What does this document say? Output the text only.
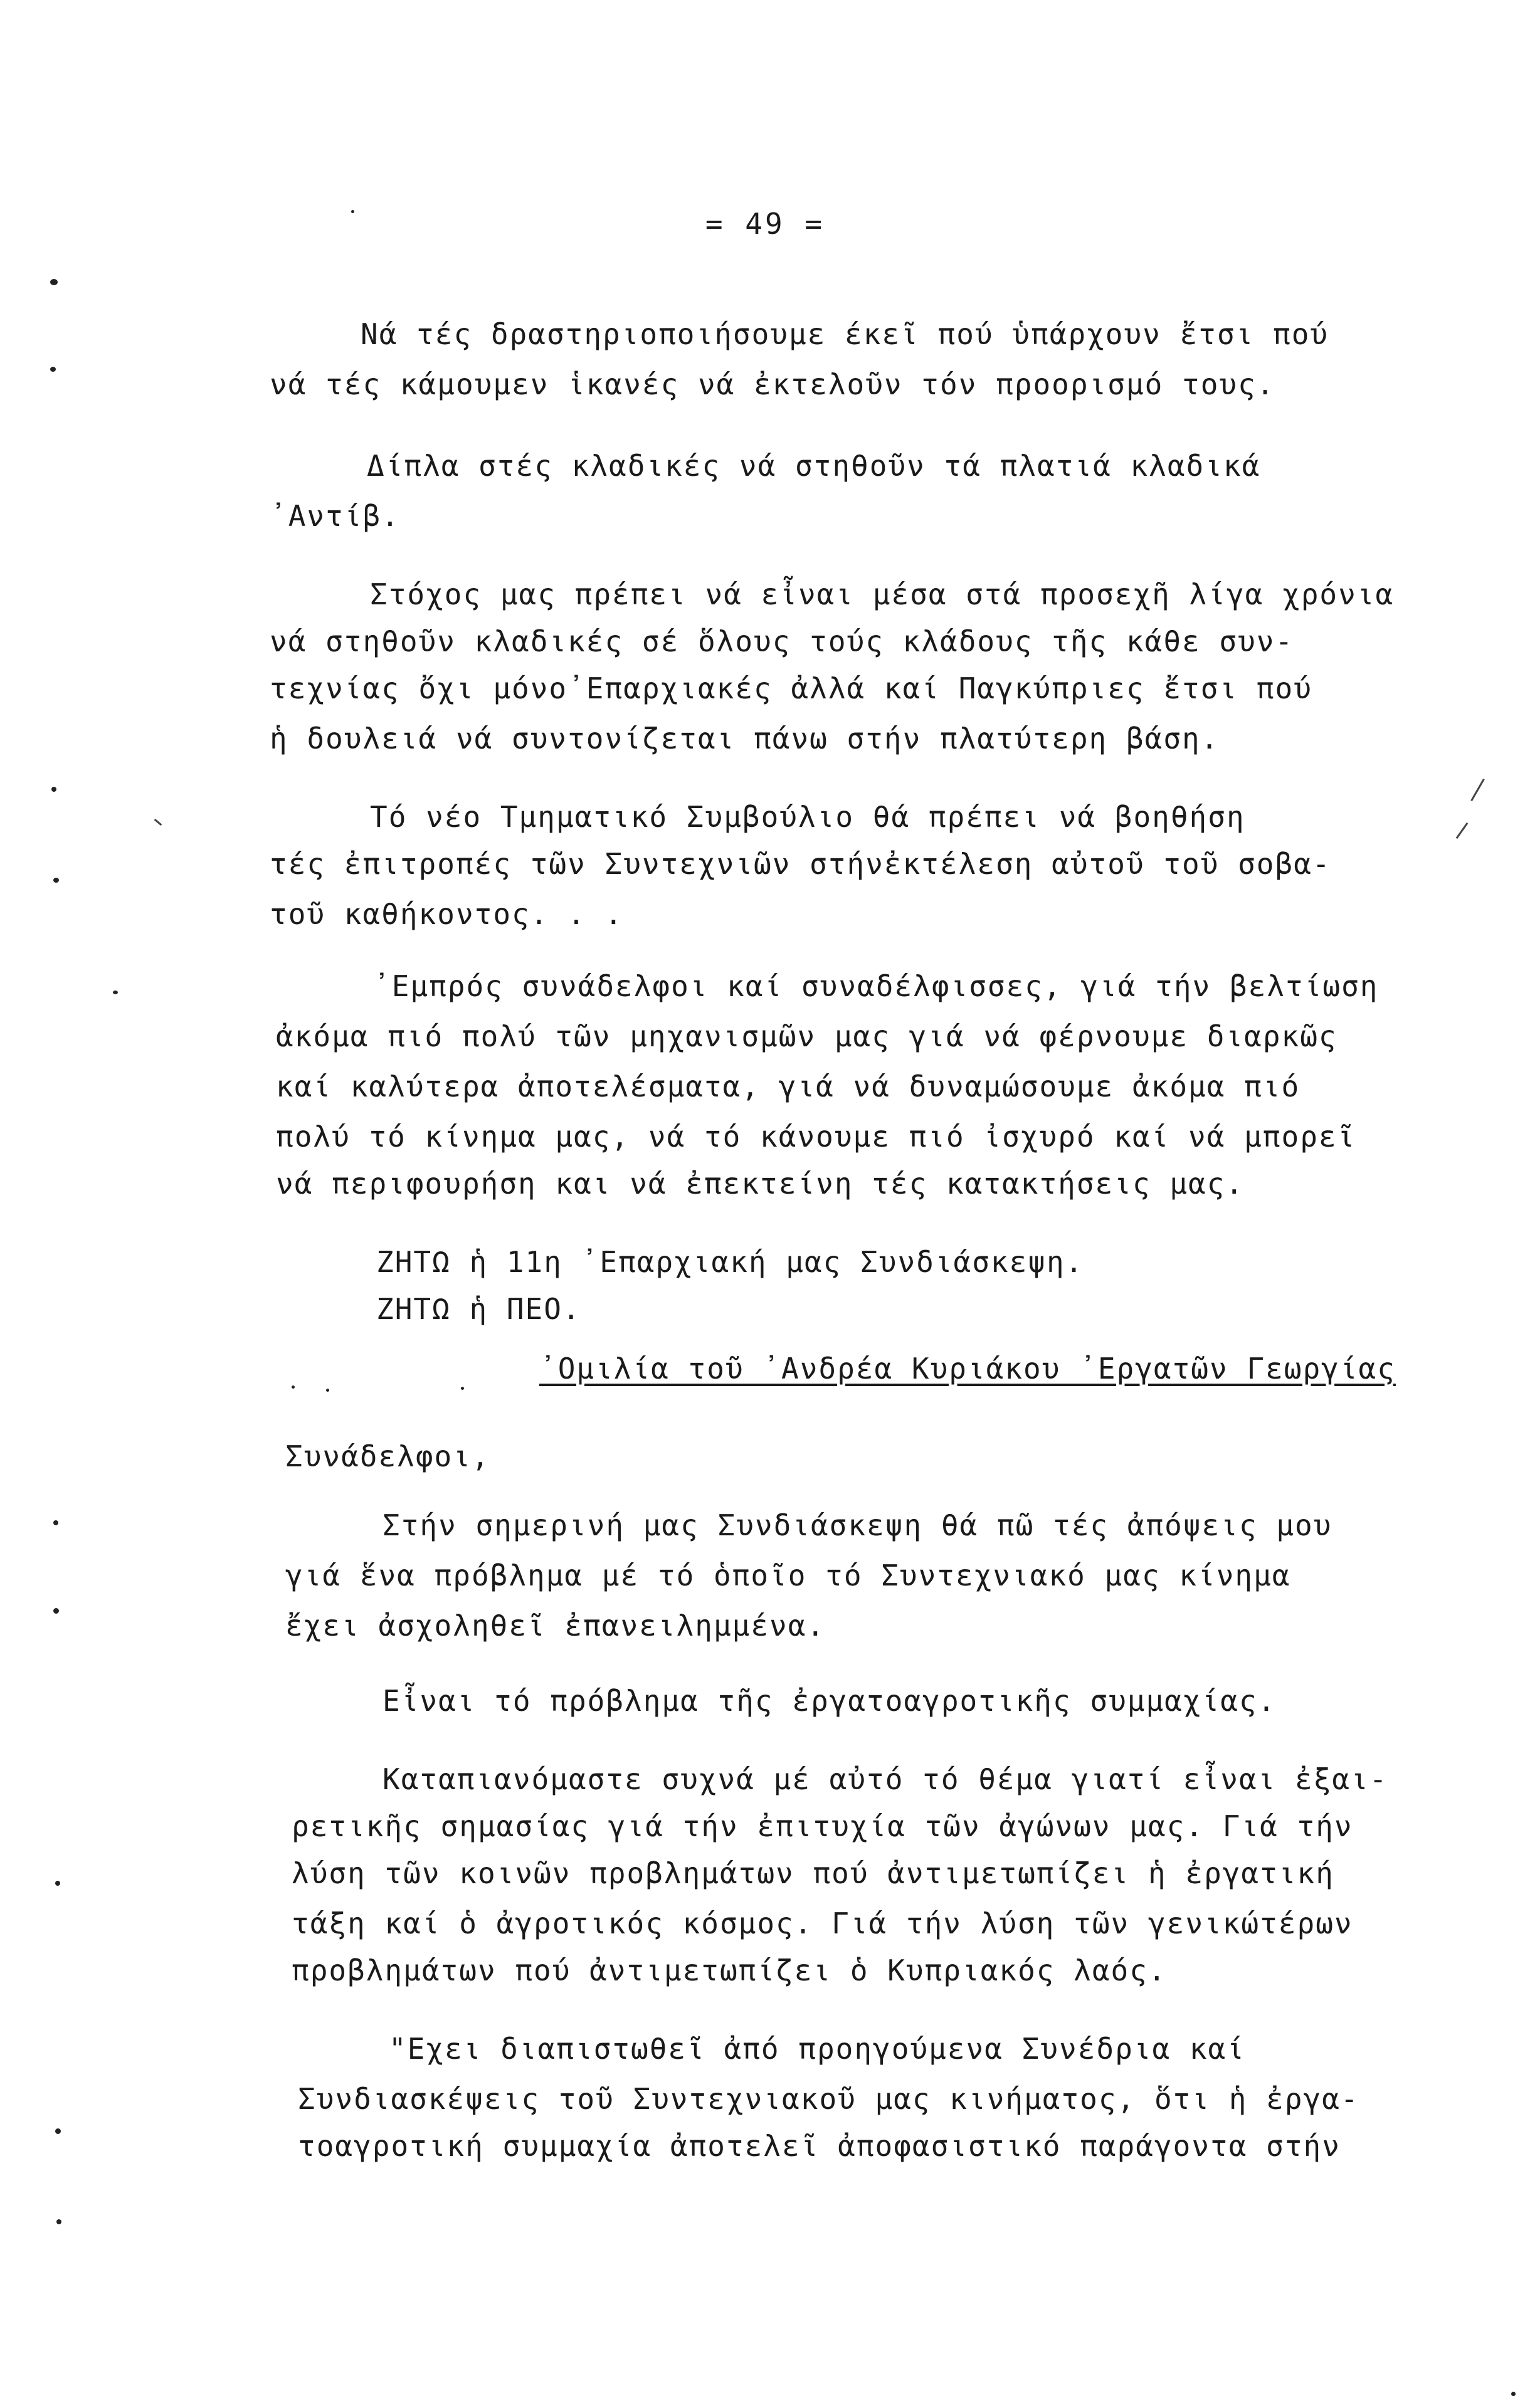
= 49 =
Νά τές δραστηριοποιήσουμε έκεῖ πού ὑπάρχουν ἔτσι πού
νά τές κάμουμεν ἱκανές νά ἐκτελοῦν τόν προορισμό τους.
Δίπλα στές κλαδικές νά στηθοῦν τά πλατιά κλαδικά
᾽Αντίβ.
Στόχος μας πρέπει νά εἶναι μέσα στά προσεχῆ λίγα χρόνια
νά στηθοῦν κλαδικές σέ ὅλους τούς κλάδους τῆς κάθε συν-
τεχνίας ὄχι μόνο᾽Επαρχιακές ἀλλά καί Παγκύπριες ἔτσι πού
ἡ δουλειά νά συντονίζεται πάνω στήν πλατύτερη βάση.
Τό νέο Τμηματικό Συμβούλιο θά πρέπει νά βοηθήση
τές ἐπιτροπές τῶν Συντεχνιῶν στήνἐκτέλεση αὐτοῦ τοῦ σοβα-
τοῦ καθήκοντος. . .
᾽Εμπρός συνάδελφοι καί συναδέλφισσες, γιά τήν βελτίωση
ἀκόμα πιό πολύ τῶν μηχανισμῶν μας γιά νά φέρνουμε διαρκῶς
καί καλύτερα ἀποτελέσματα, γιά νά δυναμώσουμε ἀκόμα πιό
πολύ τό κίνημα μας, νά τό κάνουμε πιό ἰσχυρό καί νά μπορεῖ
νά περιφουρήση και νά ἐπεκτείνη τές κατακτήσεις μας.
ΖΗΤΩ ἡ 11η ᾽Επαρχιακή μας Συνδιάσκεψη.
ΖΗΤΩ ἡ ΠΕΟ.
᾽Ομιλία τοῦ ᾽Ανδρέα Κυριάκου ᾽Εργατῶν Γεωργίας
Συνάδελφοι,
Στήν σημερινή μας Συνδιάσκεψη θά πῶ τές ἀπόψεις μου
γιά ἕνα πρόβλημα μέ τό ὁποῖο τό Συντεχνιακό μας κίνημα
ἔχει ἀσχοληθεῖ ἐπανειλημμένα.
Εἶναι τό πρόβλημα τῆς ἐργατοαγροτικῆς συμμαχίας.
Καταπιανόμαστε συχνά μέ αὐτό τό θέμα γιατί εἶναι ἐξαι-
ρετικῆς σημασίας γιά τήν ἐπιτυχία τῶν ἀγώνων μας. Γιά τήν
λύση τῶν κοινῶν προβλημάτων πού ἀντιμετωπίζει ἡ ἐργατική
τάξη καί ὁ ἀγροτικός κόσμος. Γιά τήν λύση τῶν γενικώτέρων
προβλημάτων πού ἀντιμετωπίζει ὁ Κυπριακός λαός.
"Εχει διαπιστωθεῖ ἀπό προηγούμενα Συνέδρια καί
Συνδιασκέψεις τοῦ Συντεχνιακοῦ μας κινήματος, ὅτι ἡ ἐργα-
τοαγροτική συμμαχία ἀποτελεῖ ἀποφασιστικό παράγοντα στήν
